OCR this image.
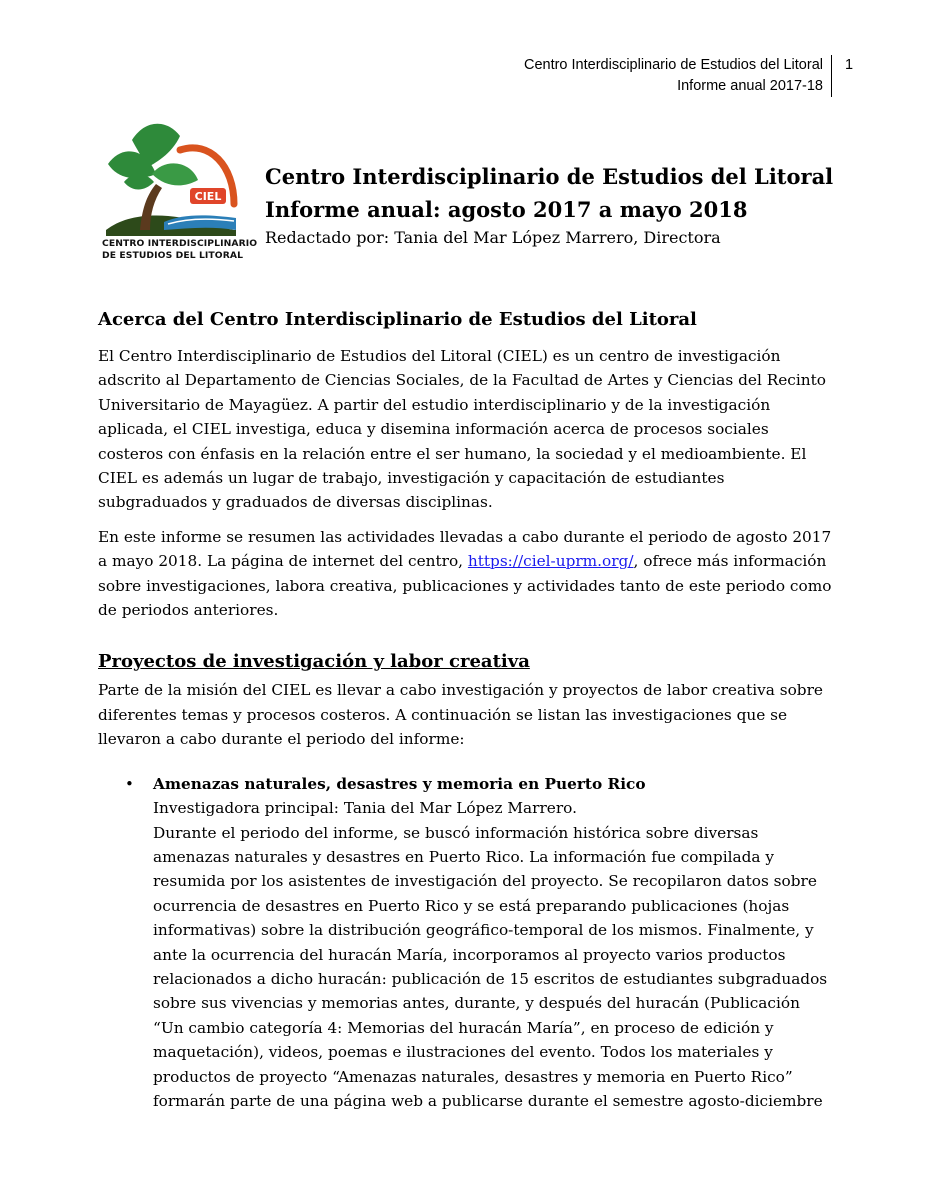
Centro Interdisciplinario de Estudios del Litoral
Informe anual 2017-18
1
CIEL
CENTRO INTERDISCIPLINARIO
DE ESTUDIOS DEL LITORAL
Centro Interdisciplinario de Estudios del Litoral
Informe anual: agosto 2017 a mayo 2018
Redactado por: Tania del Mar López Marrero, Directora
Acerca del Centro Interdisciplinario de Estudios del Litoral

El Centro Interdisciplinario de Estudios del Litoral (CIEL) es un centro de investigación adscrito al Departamento de Ciencias Sociales, de la Facultad de Artes y Ciencias del Recinto Universitario de Mayagüez. A partir del estudio interdisciplinario y de la investigación aplicada, el CIEL investiga, educa y disemina información acerca de procesos sociales costeros con énfasis en la relación entre el ser humano, la sociedad y el medioambiente. El CIEL es además un lugar de trabajo, investigación y capacitación de estudiantes subgraduados y graduados de diversas disciplinas.

En este informe se resumen las actividades llevadas a cabo durante el periodo de agosto 2017 a mayo 2018. La página de internet del centro, https://ciel-uprm.org/, ofrece más información sobre investigaciones, labora creativa, publicaciones y actividades tanto de este periodo como de periodos anteriores.

Proyectos de investigación y labor creativa

Parte de la misión del CIEL es llevar a cabo investigación y proyectos de labor creativa sobre diferentes temas y procesos costeros. A continuación se listan las investigaciones que se llevaron a cabo durante el periodo del informe:

• Amenazas naturales, desastres y memoria en Puerto Rico
Investigadora principal: Tania del Mar López Marrero.
Durante el periodo del informe, se buscó información histórica sobre diversas amenazas naturales y desastres en Puerto Rico. La información fue compilada y resumida por los asistentes de investigación del proyecto. Se recopilaron datos sobre ocurrencia de desastres en Puerto Rico y se está preparando publicaciones (hojas informativas) sobre la distribución geográfico-temporal de los mismos. Finalmente, y ante la ocurrencia del huracán María, incorporamos al proyecto varios productos relacionados a dicho huracán: publicación de 15 escritos de estudiantes subgraduados sobre sus vivencias y memorias antes, durante, y después del huracán (Publicación “Un cambio categoría 4: Memorias del huracán María”, en proceso de edición y maquetación), videos, poemas e ilustraciones del evento. Todos los materiales y productos de proyecto “Amenazas naturales, desastres y memoria en Puerto Rico” formarán parte de una página web a publicarse durante el semestre agosto-diciembre
